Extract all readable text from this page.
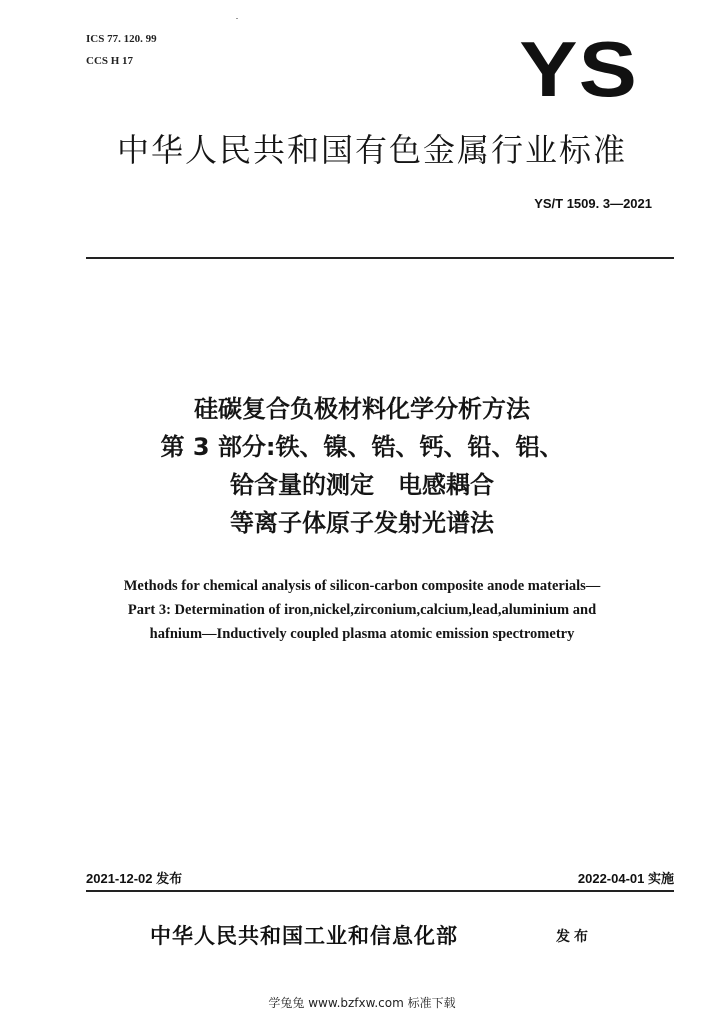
ICS 77. 120. 99
CCS H 17	YS
中华人民共和国有色金属行业标准
YS/T 1509. 3—2021
硅碳复合负极材料化学分析方法
第 3 部分:铁、镍、锆、钙、铅、铝、
铪含量的测定　电感耦合
等离子体原子发射光谱法
Methods for chemical analysis of silicon-carbon composite anode materials—
Part 3: Determination of iron,nickel,zirconium,calcium,lead,aluminium and
hafnium—Inductively coupled plasma atomic emission spectrometry
2021-12-02 发布	2022-04-01 实施
中华人民共和国工业和信息化部	发布
学兔兔 www.bzfxw.com 标准下载
